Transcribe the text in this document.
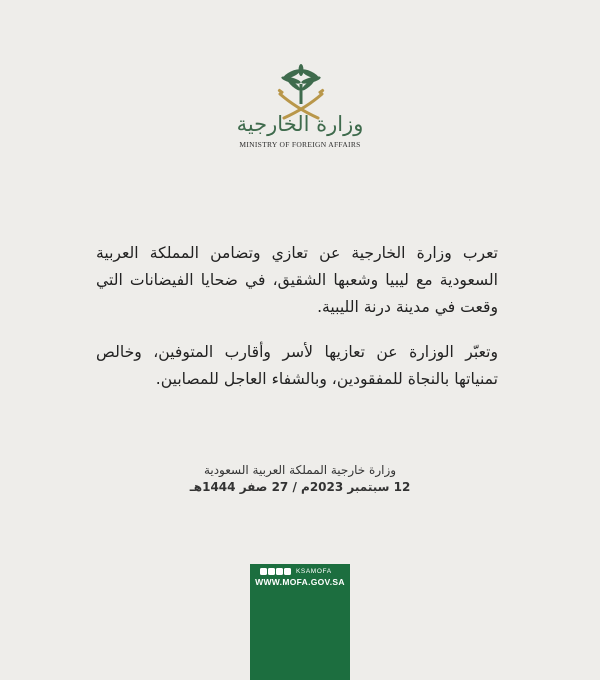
وزارة الخارجية
MINISTRY OF FOREIGN AFFAIRS

تعرب وزارة الخارجية عن تعازي وتضامن المملكة العربية السعودية مع ليبيا وشعبها الشقيق، في ضحايا الفيضانات التي وقعت في مدينة درنة الليبية.

وتعبّر الوزارة عن تعازيها لأسر وأقارب المتوفين، وخالص تمنياتها بالنجاة للمفقودين، وبالشفاء العاجل للمصابين.

وزارة خارجية المملكة العربية السعودية
12 سبتمبر 2023م / 27 صفر 1444هـ
KSAMOFA
WWW.MOFA.GOV.SA
